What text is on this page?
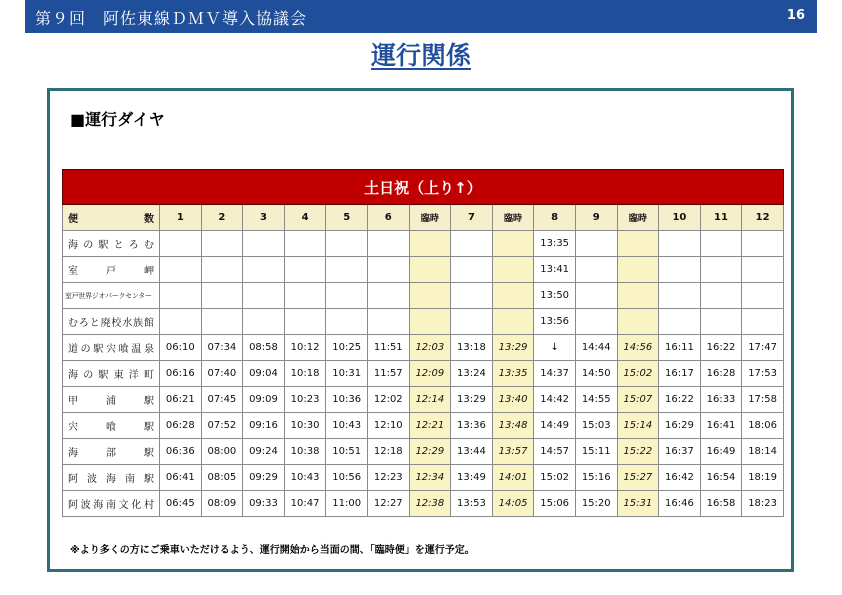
第９回　阿佐東線ＤＭＶ導入協議会	16
運行関係
■運行ダイヤ
土日祝（上り↑）															
便　　　　数	1	2	3	4	5	6	臨時	7	臨時	8	9	臨時	10	11	12
海の駅とろむ										13:35					
室　戸　岬										13:41					
室戸世界ジオパークセンター										13:50					
むろと廃校水族館										13:56					
道の駅宍喰温泉	06:10	07:34	08:58	10:12	10:25	11:51	12:03	13:18	13:29	↓	14:44	14:56	16:11	16:22	17:47
海の駅東洋町	06:16	07:40	09:04	10:18	10:31	11:57	12:09	13:24	13:35	14:37	14:50	15:02	16:17	16:28	17:53
甲　浦　駅	06:21	07:45	09:09	10:23	10:36	12:02	12:14	13:29	13:40	14:42	14:55	15:07	16:22	16:33	17:58
宍　喰　駅	06:28	07:52	09:16	10:30	10:43	12:10	12:21	13:36	13:48	14:49	15:03	15:14	16:29	16:41	18:06
海　部　駅	06:36	08:00	09:24	10:38	10:51	12:18	12:29	13:44	13:57	14:57	15:11	15:22	16:37	16:49	18:14
阿波海南駅	06:41	08:05	09:29	10:43	10:56	12:23	12:34	13:49	14:01	15:02	15:16	15:27	16:42	16:54	18:19
阿波海南文化村	06:45	08:09	09:33	10:47	11:00	12:27	12:38	13:53	14:05	15:06	15:20	15:31	16:46	16:58	18:23
※より多くの方にご乗車いただけるよう、運行開始から当面の間、「臨時便」を運行予定。
